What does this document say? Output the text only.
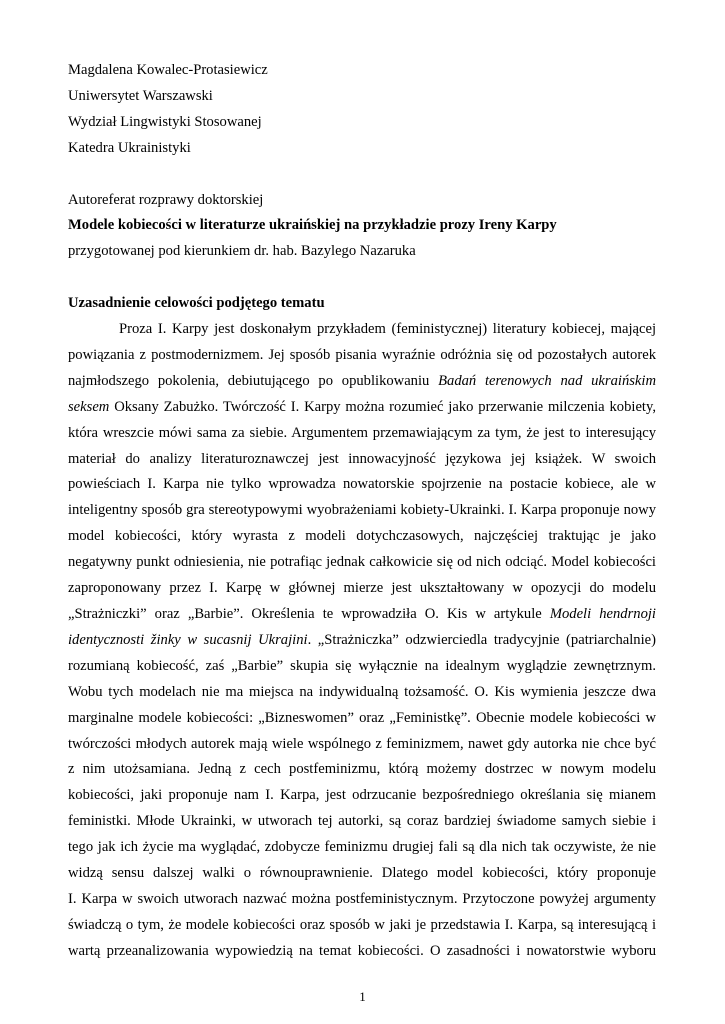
Magdalena Kowalec-Protasiewicz
Uniwersytet Warszawski
Wydział Lingwistyki Stosowanej
Katedra Ukrainistyki
Autoreferat rozprawy doktorskiej
Modele kobiecości w literaturze ukraińskiej na przykładzie prozy Ireny Karpy
przygotowanej pod kierunkiem dr. hab. Bazylego Nazaruka
Uzasadnienie celowości podjętego tematu
Proza I. Karpy jest doskonałym przykładem (feministycznej) literatury kobiecej, mającej
powiązania z postmodernizmem. Jej sposób pisania wyraźnie odróżnia się od pozostałych autorek
najmłodszego pokolenia, debiutującego po opublikowaniu Badań terenowych nad ukraińskim
seksem Oksany Zabużko. Twórczość I. Karpy można rozumieć jako przerwanie milczenia kobiety,
która wreszcie mówi sama za siebie. Argumentem przemawiającym za tym, że jest to interesujący
materiał do analizy literaturoznawczej jest innowacyjność językowa jej książek. W swoich
powieściach I. Karpa nie tylko wprowadza nowatorskie spojrzenie na postacie kobiece, ale w
inteligentny sposób gra stereotypowymi wyobrażeniami kobiety-Ukrainki. I. Karpa proponuje nowy
model kobiecości, który wyrasta z modeli dotychczasowych, najczęściej traktując je jako
negatywny punkt odniesienia, nie potrafiąc jednak całkowicie się od nich odciąć. Model kobiecości
zaproponowany przez I. Karpę w głównej mierze jest ukształtowany w opozycji do modelu
„Strażniczki” oraz „Barbie”. Określenia te wprowadziła O. Kis w artykule Modeli hendrnoji
identycznosti žinky w sucasnij Ukrajini. „Strażniczka” odzwierciedla tradycyjnie (patriarchalnie)
rozumianą kobiecość, zaś „Barbie” skupia się wyłącznie na idealnym wyglądzie zewnętrznym.
Wobu tych modelach nie ma miejsca na indywidualną tożsamość. O. Kis wymienia jeszcze dwa
marginalne modele kobiecości: „Bizneswomen” oraz „Feministkę”. Obecnie modele kobiecości w
twórczości młodych autorek mają wiele wspólnego z feminizmem, nawet gdy autorka nie chce być
z nim utożsamiana. Jedną z cech postfeminizmu, którą możemy dostrzec w nowym modelu
kobiecości, jaki proponuje nam I. Karpa, jest odrzucanie bezpośredniego określania się mianem
feministki. Młode Ukrainki, w utworach tej autorki, są coraz bardziej świadome samych siebie i
tego jak ich życie ma wyglądać, zdobycze feminizmu drugiej fali są dla nich tak oczywiste, że nie
widzą sensu dalszej walki o równouprawnienie. Dlatego model kobiecości, który proponuje
I. Karpa w swoich utworach nazwać można postfeministycznym. Przytoczone powyżej argumenty
świadczą o tym, że modele kobiecości oraz sposób w jaki je przedstawia I. Karpa, są interesującą i
wartą przeanalizowania wypowiedzią na temat kobiecości. O zasadności i nowatorstwie wyboru
1
